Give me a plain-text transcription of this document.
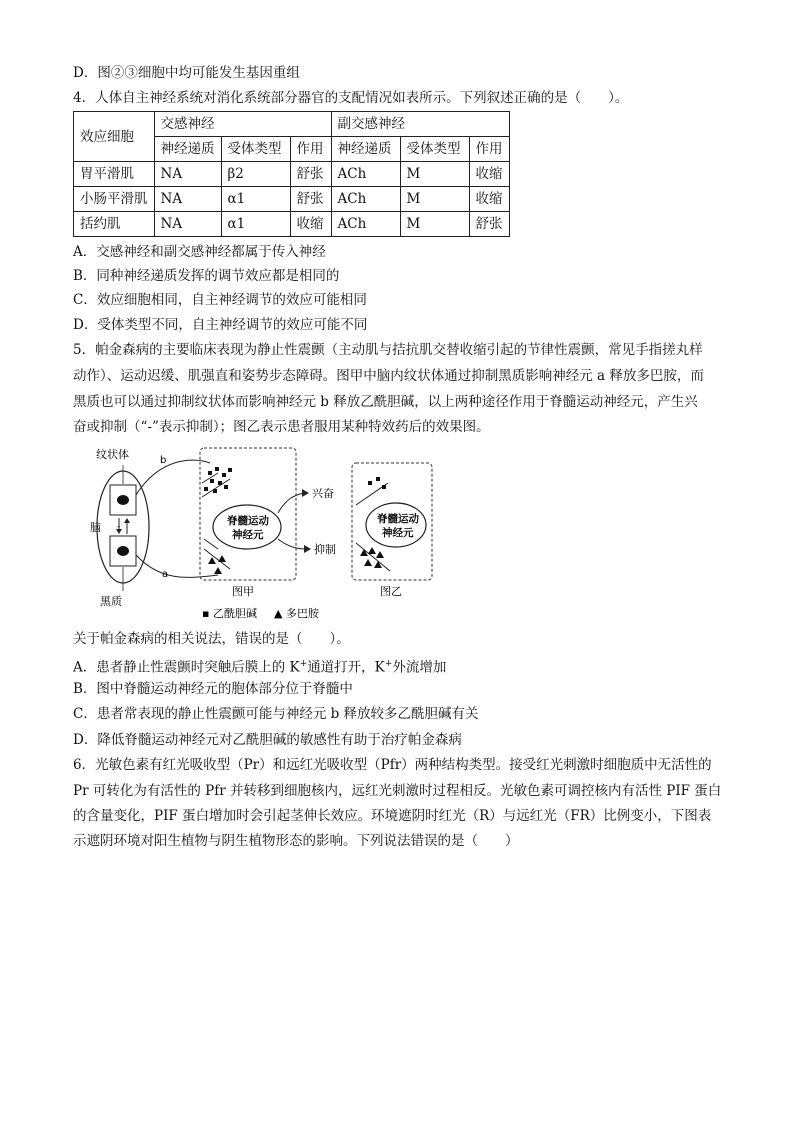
D．图②③细胞中均可能发生基因重组
4．人体自主神经系统对消化系统部分器官的支配情况如表所示。下列叙述正确的是（　　）。
效应细胞	交感神经			副交感神经		
	神经递质	受体类型	作用	神经递质	受体类型	作用
胃平滑肌	NA	β2	舒张	ACh	M	收缩
小肠平滑肌	NA	α1	舒张	ACh	M	收缩
括约肌	NA	α1	收缩	ACh	M	舒张
A．交感神经和副交感神经都属于传入神经
B．同种神经递质发挥的调节效应都是相同的
C．效应细胞相同，自主神经调节的效应可能相同
D．受体类型不同，自主神经调节的效应可能不同
5．帕金森病的主要临床表现为静止性震颤（主动肌与拮抗肌交替收缩引起的节律性震颤，常见手指搓丸样
动作）、运动迟缓、肌强直和姿势步态障碍。图甲中脑内纹状体通过抑制黑质影响神经元 a 释放多巴胺，而
黑质也可以通过抑制纹状体而影响神经元 b 释放乙酰胆碱，以上两种途径作用于脊髓运动神经元，产生兴
奋或抑制（“-”表示抑制）；图乙表示患者服用某种特效药后的效果图。
-
纹状体
脑
黑质
b
a
脊髓运动
神经元
兴奋
抑制
图甲
脊髓运动
神经元
图乙
▪ 乙酰胆碱 ▲ 多巴胺
关于帕金森病的相关说法，错误的是（　　）。
A．患者静止性震颤时突触后膜上的 K+通道打开，K+外流增加
B．图中脊髓运动神经元的胞体部分位于脊髓中
C．患者常表现的静止性震颤可能与神经元 b 释放较多乙酰胆碱有关
D．降低脊髓运动神经元对乙酰胆碱的敏感性有助于治疗帕金森病
6．光敏色素有红光吸收型（Pr）和远红光吸收型（Pfr）两种结构类型。接受红光刺激时细胞质中无活性的
Pr 可转化为有活性的 Pfr 并转移到细胞核内，远红光刺激时过程相反。光敏色素可调控核内有活性 PIF 蛋白
的含量变化，PIF 蛋白增加时会引起茎伸长效应。环境遮阴时红光（R）与远红光（FR）比例变小，下图表
示遮阴环境对阳生植物与阴生植物形态的影响。下列说法错误的是（　　）
